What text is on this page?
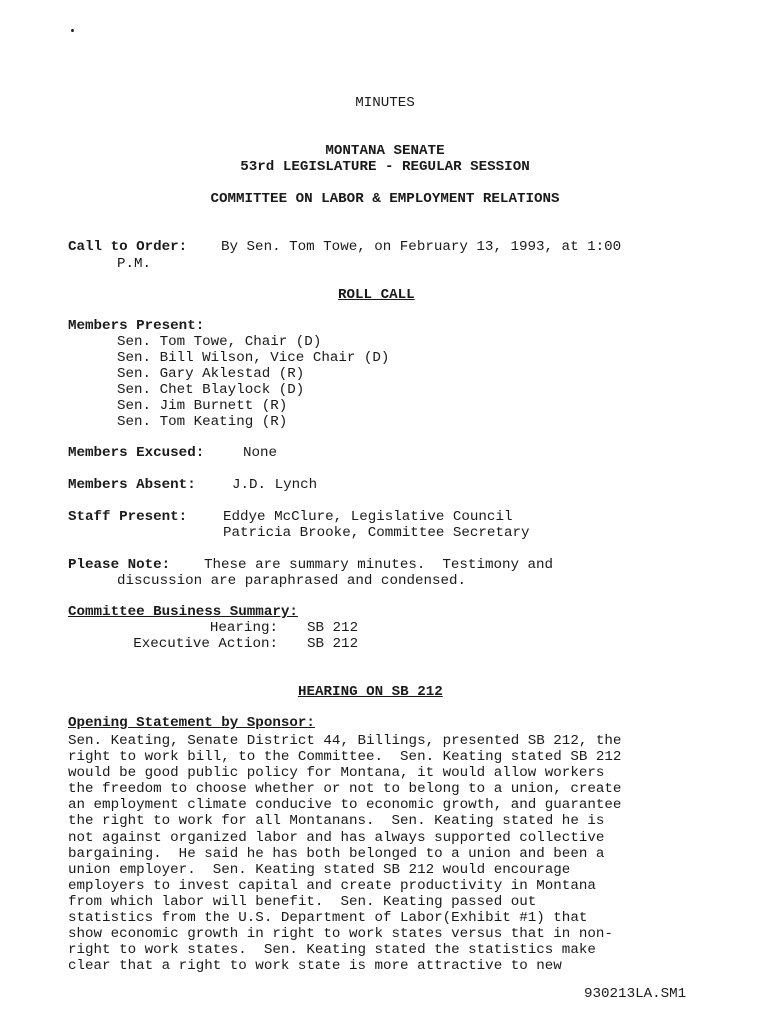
MINUTES
MONTANA SENATE
53rd LEGISLATURE - REGULAR SESSION
COMMITTEE ON LABOR & EMPLOYMENT RELATIONS
Call to Order: By Sen. Tom Towe, on February 13, 1993, at 1:00
P.M.
ROLL CALL
Members Present:
Sen. Tom Towe, Chair (D)
Sen. Bill Wilson, Vice Chair (D)
Sen. Gary Aklestad (R)
Sen. Chet Blaylock (D)
Sen. Jim Burnett (R)
Sen. Tom Keating (R)
Members Excused:	None
Members Absent:	J.D. Lynch
Staff Present:	Eddye McClure, Legislative Council
Patricia Brooke, Committee Secretary
Please Note: These are summary minutes.  Testimony and
discussion are paraphrased and condensed.
Committee Business Summary:
Hearing: SB 212
Executive Action: SB 212
HEARING ON SB 212
Opening Statement by Sponsor:
Sen. Keating, Senate District 44, Billings, presented SB 212, the
right to work bill, to the Committee.  Sen. Keating stated SB 212
would be good public policy for Montana, it would allow workers
the freedom to choose whether or not to belong to a union, create
an employment climate conducive to economic growth, and guarantee
the right to work for all Montanans.  Sen. Keating stated he is
not against organized labor and has always supported collective
bargaining.  He said he has both belonged to a union and been a
union employer.  Sen. Keating stated SB 212 would encourage
employers to invest capital and create productivity in Montana
from which labor will benefit.  Sen. Keating passed out
statistics from the U.S. Department of Labor(Exhibit #1) that
show economic growth in right to work states versus that in non-
right to work states.  Sen. Keating stated the statistics make
clear that a right to work state is more attractive to new
930213LA.SM1
